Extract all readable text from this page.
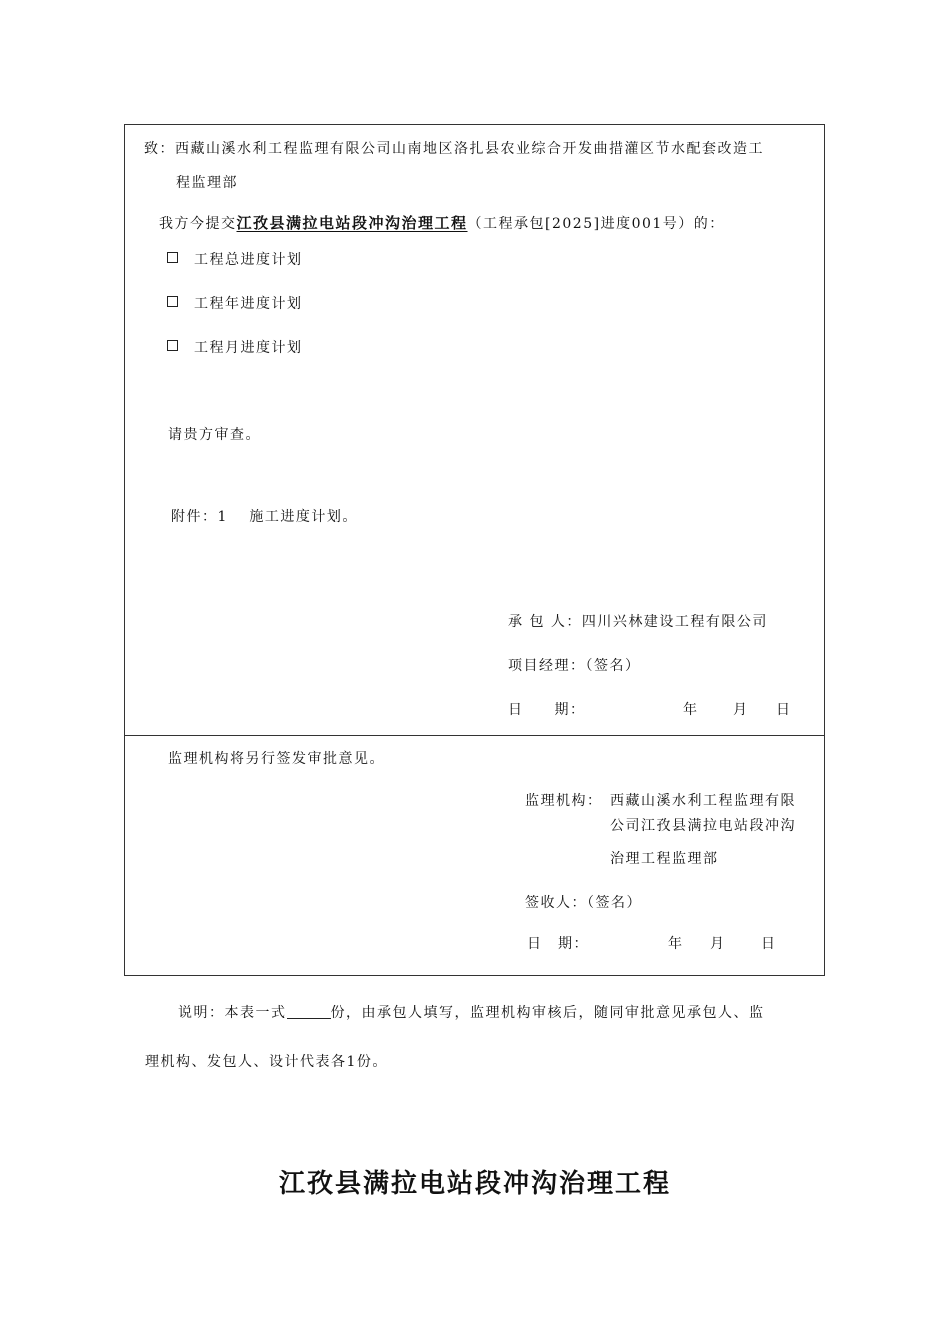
致：西藏山溪水利工程监理有限公司山南地区洛扎县农业综合开发曲措灌区节水配套改造工
程监理部
我方今提交江孜县满拉电站段冲沟治理工程（工程承包[2025]进度001号）的：
工程总进度计划
工程年进度计划
工程月进度计划
请贵方审查。
附件：1　 施工进度计划。
承 包 人：四川兴林建设工程有限公司
项目经理：（签名）
日　　期：	年 月 日
监理机构将另行签发审批意见。
监理机构： 西藏山溪水利工程监理有限
公司江孜县满拉电站段冲沟
治理工程监理部
签收人：（签名）
日　期：	年 月	日
说明：本表一式	份，由承包人填写，监理机构审核后，随同审批意见承包人、监
理机构、发包人、设计代表各1份。
江孜县满拉电站段冲沟治理工程
